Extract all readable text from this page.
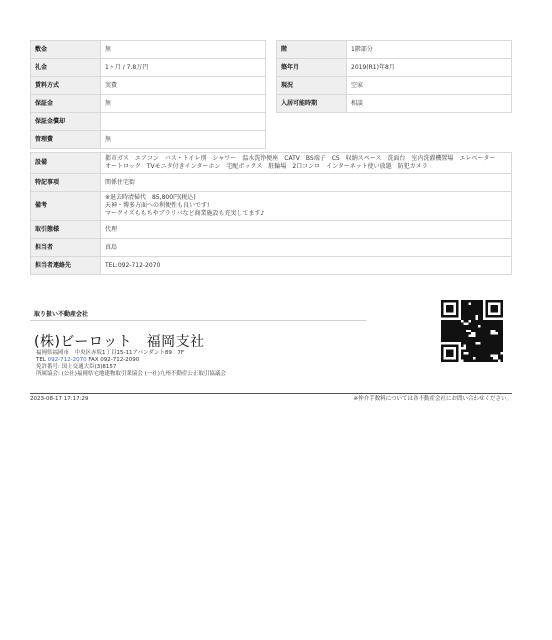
敷金	無
礼金	1ヶ月 / 7.8万円
賃料方式	実費
保証金	無
保証金償却	
管理費	無
階	1階部分
築年月	2019(R1)年8月
現況	空家
入居可能時期	相談
設備	都市ガス　エアコン　バス・トイレ別　シャワー　温水洗浄便座　CATV　BS端子　CS　収納スペース　洗面台　室内洗濯機置場　エレベーター　オートロック　TVモニタ付きインターホン　宅配ボックス　駐輪場　2口コンロ　インターネット使い放題　防犯カメラ
特記事項	関係住宅街
備考	※退去時清掃代　85,800円(税込)
天神・博多方面への利便性も良いです!
マークイズももちやブラリバなど商業施設も充実してます♪
取引態様	代理
担当者	真島
担当者連絡先	TEL:092-712-2070
取り扱い不動産会社
(株)ビーロット　福岡支社
福岡県福岡市　中央区赤坂1丁目15-11アバンダント89　7F
TEL 092-712-2070 FAX 092-712-2090
免許番号: 国土交通大臣(3)8157
所属協会: (公社)福岡県宅地建物取引業協会 (一社)九州不動産公正取引協議会
2023-08-17 17:17:29	※仲介手数料については各不動産会社にお問い合わせください。
